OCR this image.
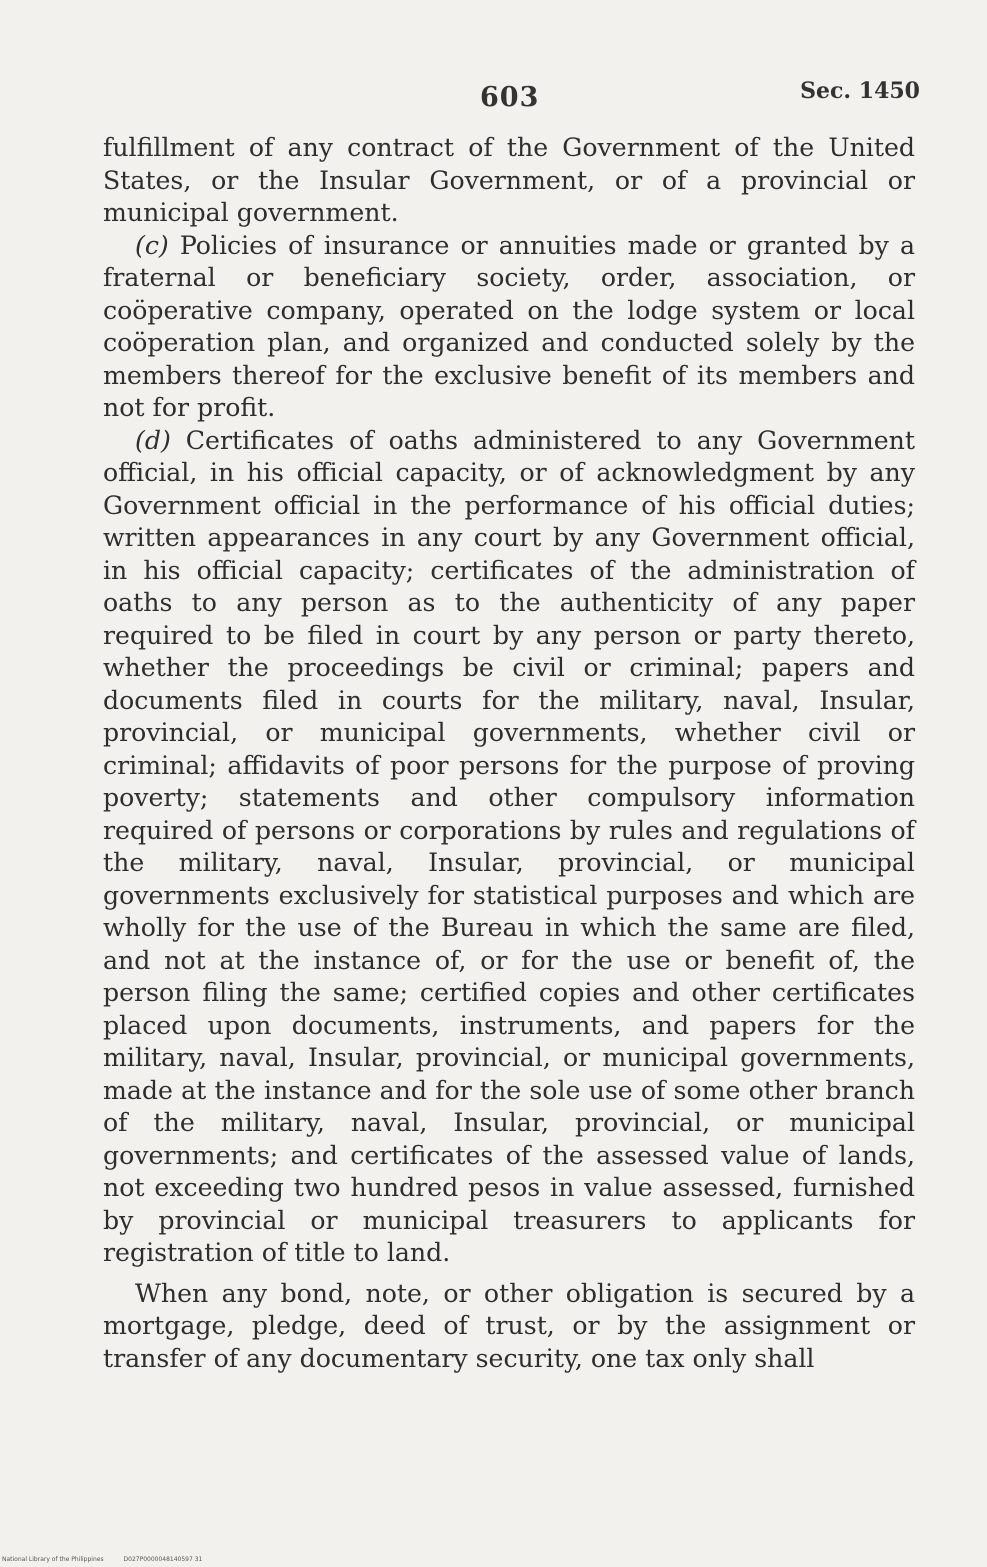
603	Sec. 1450

fulfillment of any contract of the Government of the United States, or the Insular Government, or of a provincial or municipal government.

(c) Policies of insurance or annuities made or granted by a fraternal or beneficiary society, order, association, or coöperative company, operated on the lodge system or local coöperation plan, and organized and conducted solely by the members thereof for the exclusive benefit of its members and not for profit.

(d) Certificates of oaths administered to any Government official, in his official capacity, or of acknowledgment by any Government official in the performance of his official duties; written appearances in any court by any Government official, in his official capacity; certificates of the administration of oaths to any person as to the authenticity of any paper required to be filed in court by any person or party thereto, whether the proceedings be civil or criminal; papers and documents filed in courts for the military, naval, Insular, provincial, or municipal governments, whether civil or criminal; affidavits of poor persons for the purpose of proving poverty; statements and other compulsory information required of persons or corporations by rules and regulations of the military, naval, Insular, provincial, or municipal governments exclusively for statistical purposes and which are wholly for the use of the Bureau in which the same are filed, and not at the instance of, or for the use or benefit of, the person filing the same; certified copies and other certificates placed upon documents, instruments, and papers for the military, naval, Insular, provincial, or municipal governments, made at the instance and for the sole use of some other branch of the military, naval, Insular, provincial, or municipal governments; and certificates of the assessed value of lands, not exceeding two hundred pesos in value assessed, furnished by provincial or municipal treasurers to applicants for registration of title to land.

When any bond, note, or other obligation is secured by a mortgage, pledge, deed of trust, or by the assignment or transfer of any documentary security, one tax only shall

National Library of the Philippines	D027P0000048140597 31
